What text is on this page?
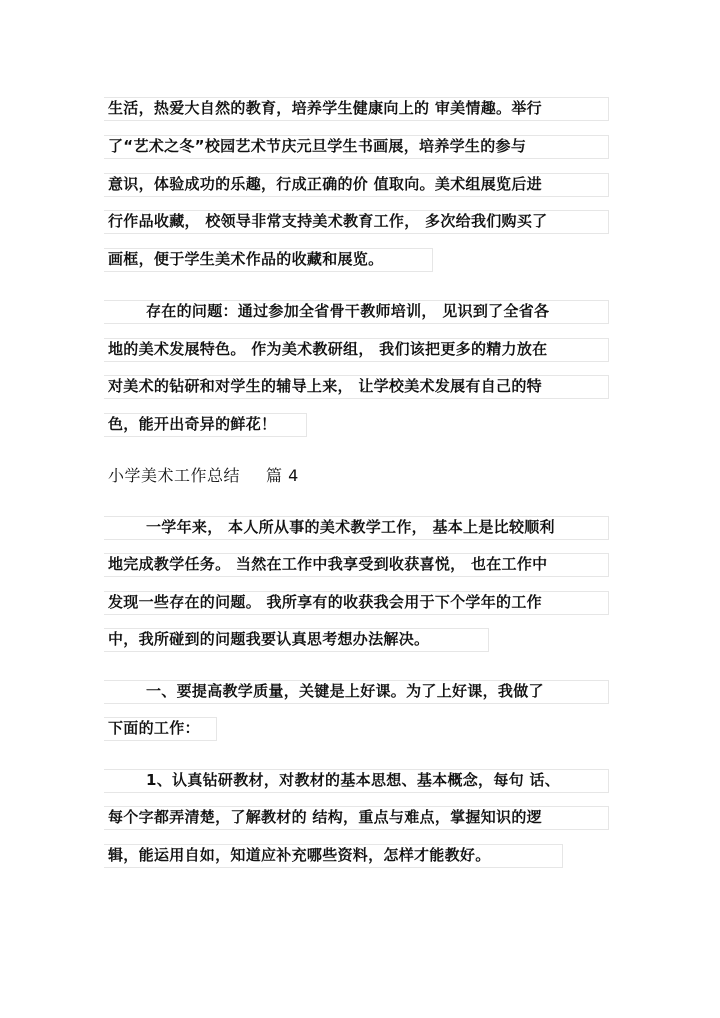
生活，热爱大自然的教育，培养学生健康向上的 审美情趣。举行
了“艺术之冬”校园艺术节庆元旦学生书画展，培养学生的参与
意识，体验成功的乐趣，行成正确的价 值取向。美术组展览后进
行作品收藏， 校领导非常支持美术教育工作， 多次给我们购买了
画框，便于学生美术作品的收藏和展览。
存在的问题：通过参加全省骨干教师培训， 见识到了全省各
地的美术发展特色。 作为美术教研组， 我们该把更多的精力放在
对美术的钻研和对学生的辅导上来， 让学校美术发展有自己的特
色，能开出奇异的鲜花！
小学美术工作总结 篇 4
一学年来， 本人所从事的美术教学工作， 基本上是比较顺利
地完成教学任务。 当然在工作中我享受到收获喜悦， 也在工作中
发现一些存在的问题。 我所享有的收获我会用于下个学年的工作
中，我所碰到的问题我要认真思考想办法解决。
一、要提高教学质量，关键是上好课。为了上好课，我做了
下面的工作：
1、认真钻研教材，对教材的基本思想、基本概念，每句 话、
每个字都弄清楚，了解教材的 结构，重点与难点，掌握知识的逻
辑，能运用自如，知道应补充哪些资料，怎样才能教好。
